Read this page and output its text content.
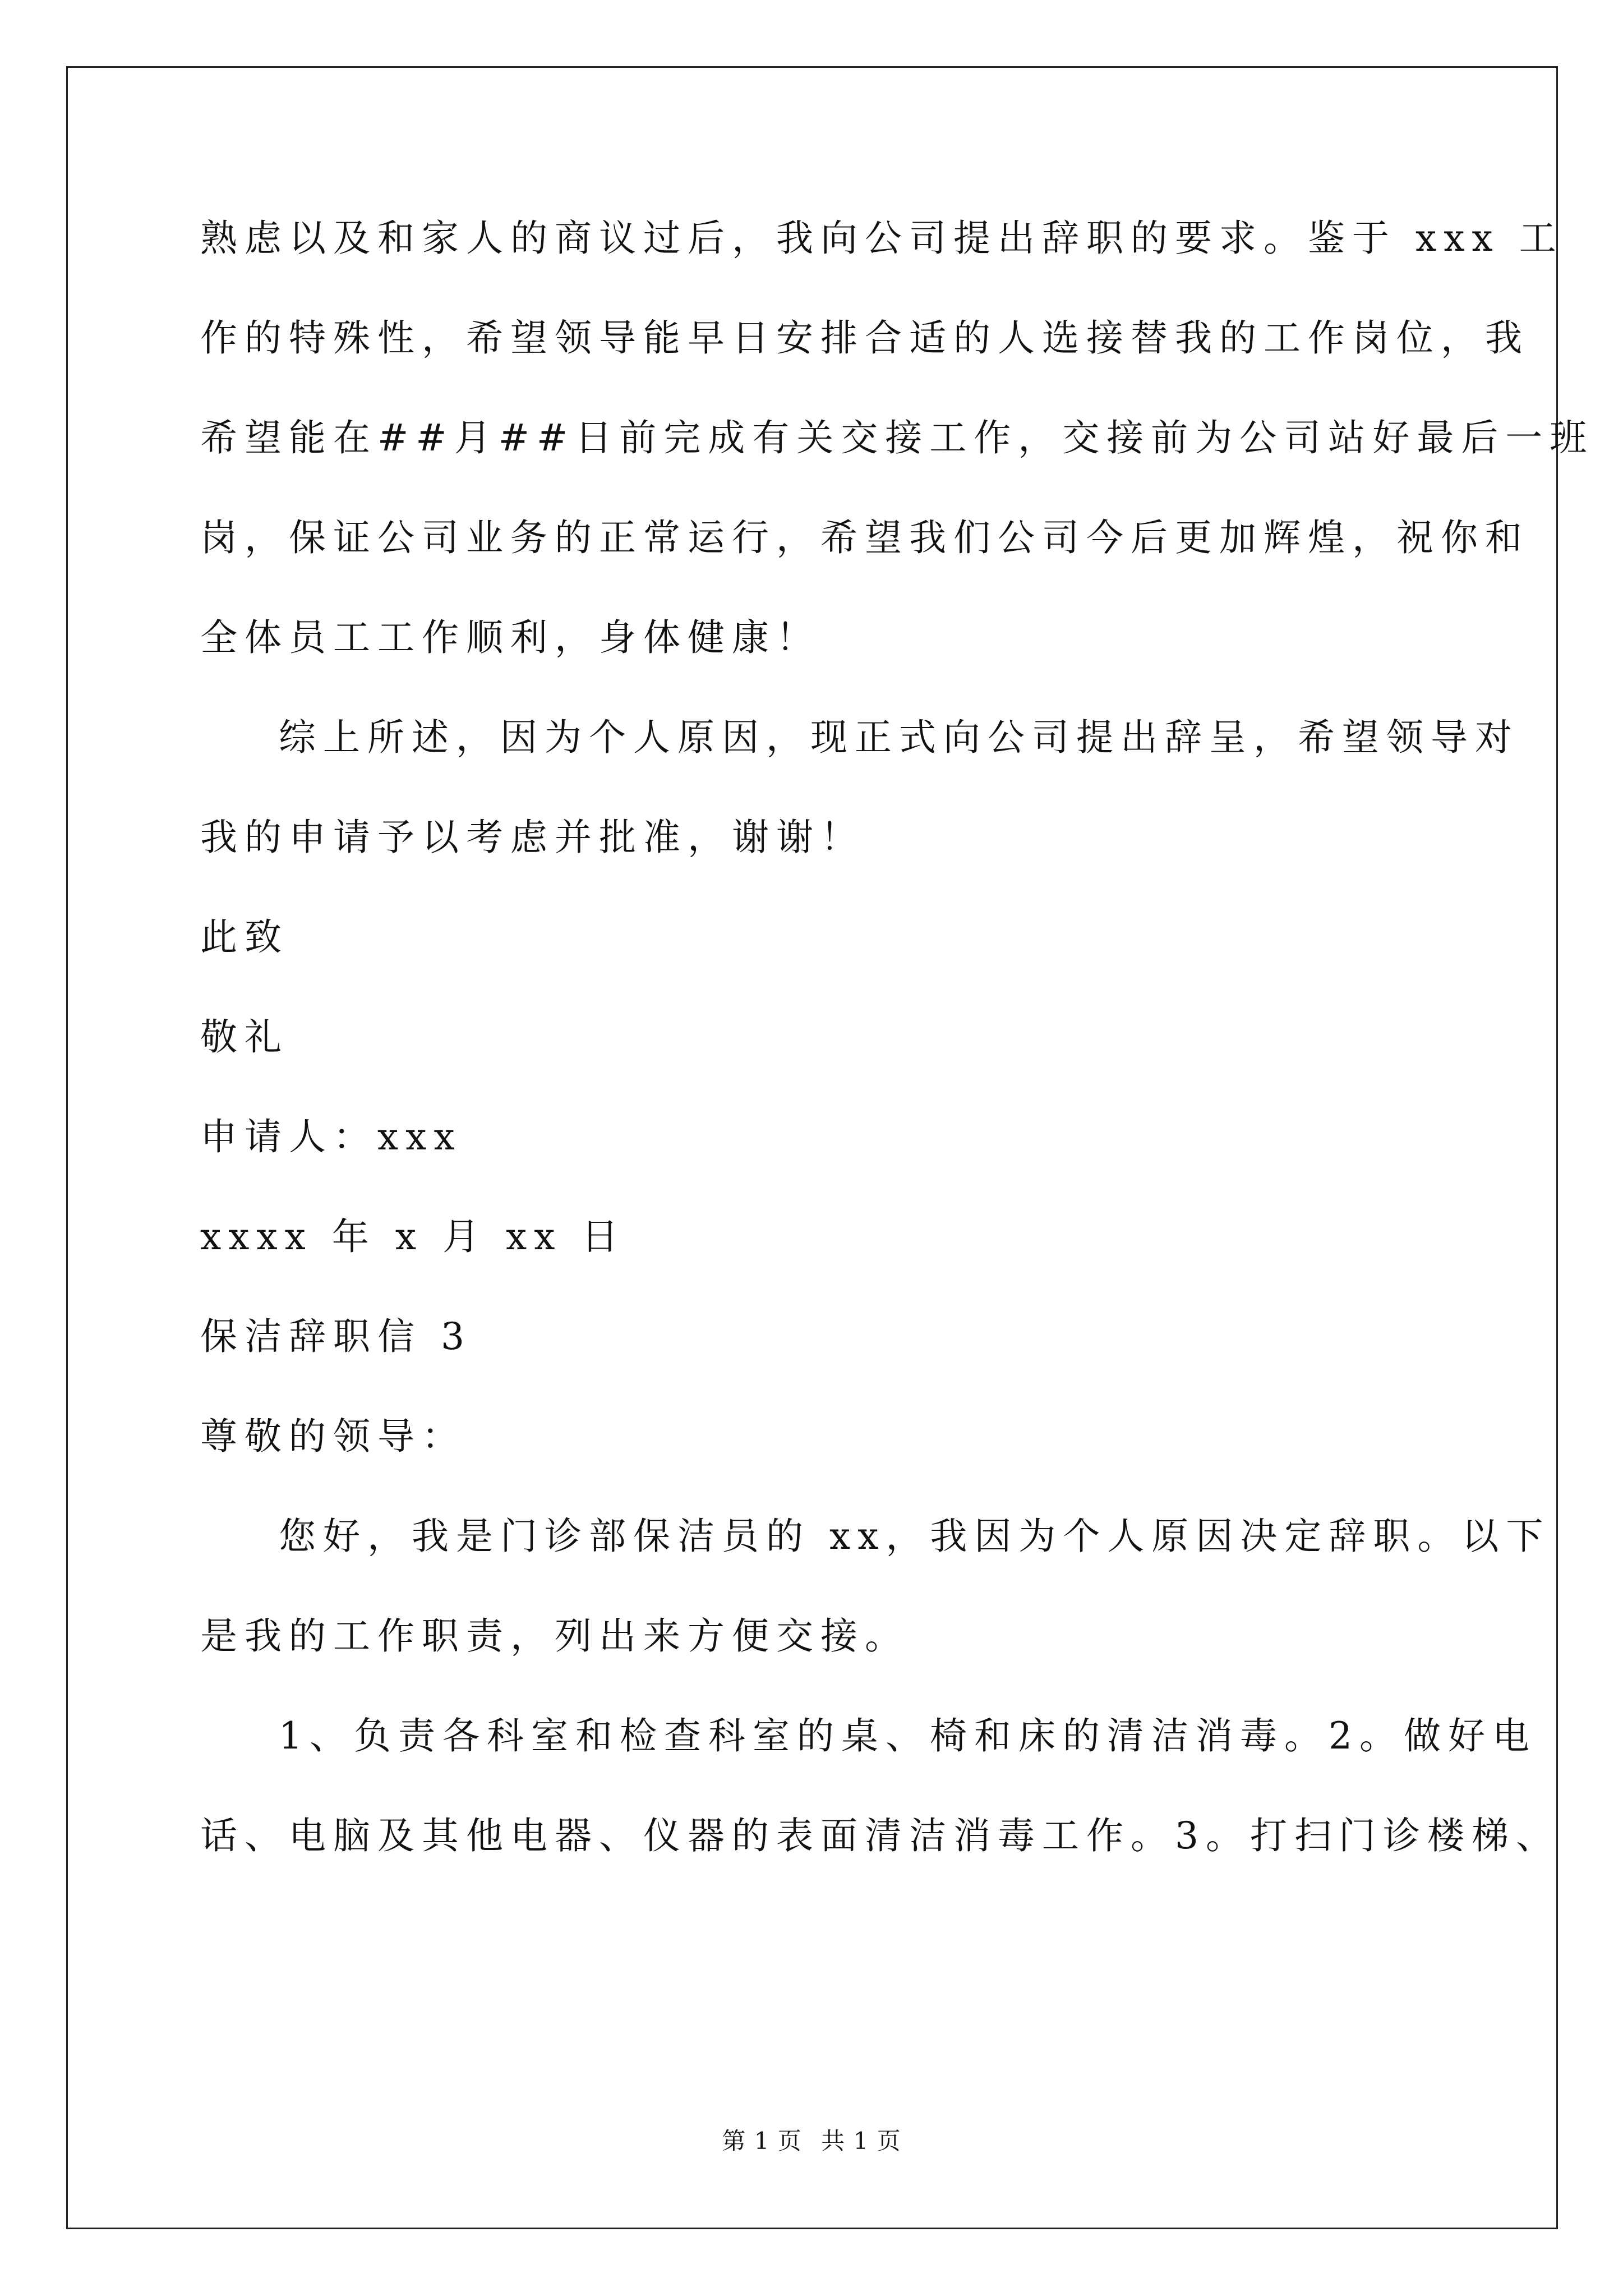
熟虑以及和家人的商议过后，我向公司提出辞职的要求。鉴于 xxx 工
作的特殊性，希望领导能早日安排合适的人选接替我的工作岗位，我
希望能在##月##日前完成有关交接工作，交接前为公司站好最后一班
岗，保证公司业务的正常运行，希望我们公司今后更加辉煌，祝你和
全体员工工作顺利，身体健康！
综上所述，因为个人原因，现正式向公司提出辞呈，希望领导对
我的申请予以考虑并批准，谢谢！
此致
敬礼
申请人：xxx
xxxx 年 x 月 xx 日
保洁辞职信 3
尊敬的领导：
您好，我是门诊部保洁员的 xx，我因为个人原因决定辞职。以下
是我的工作职责，列出来方便交接。
1、负责各科室和检查科室的桌、椅和床的清洁消毒。2。做好电
话、电脑及其他电器、仪器的表面清洁消毒工作。3。打扫门诊楼梯、
第 1 页 共 1 页
